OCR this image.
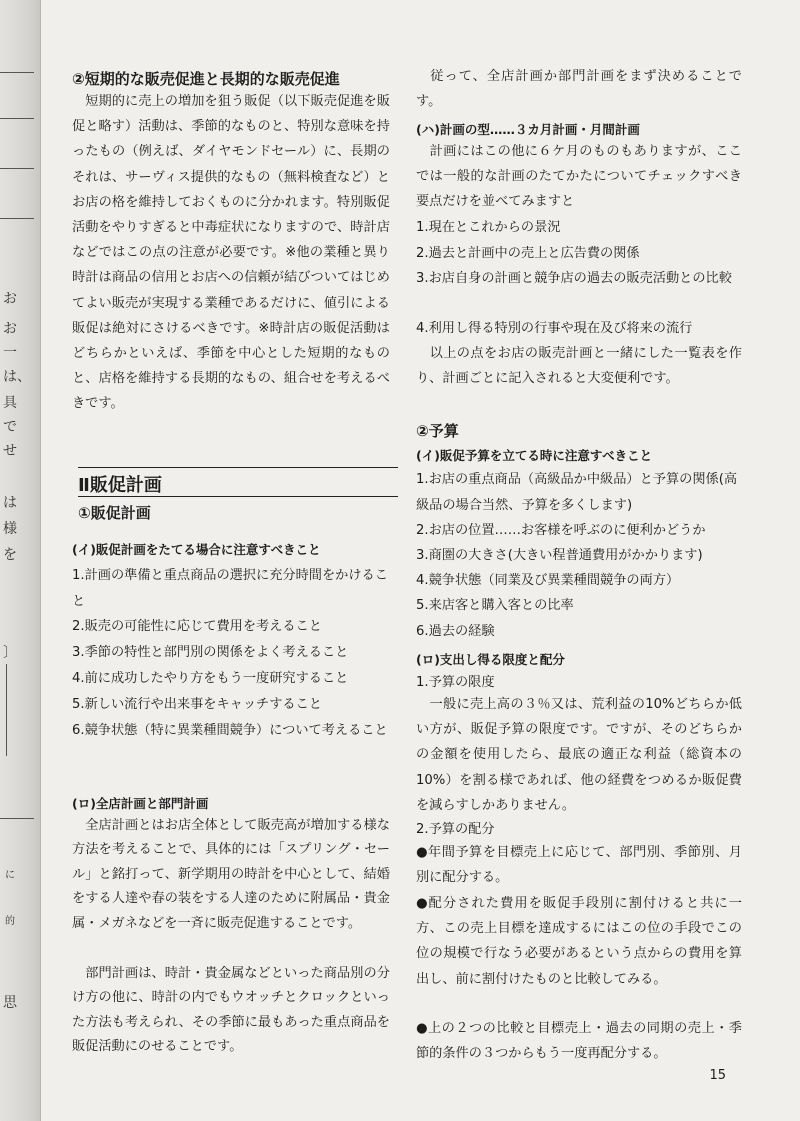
お
お
一
は、
具
で
せ
は
様
を
〕
に
的
思
②短期的な販売促進と長期的な販売促進
　短期的に売上の増加を狙う販促（以下販売促進を販促と略す）活動は、季節的なものと、特別な意味を持ったもの（例えば、ダイヤモンドセール）に、長期のそれは、サーヴィス提供的なもの（無料検査など）とお店の格を維持しておくものに分かれます。特別販促活動をやりすぎると中毒症状になりますので、時計店などではこの点の注意が必要です。※他の業種と異り時計は商品の信用とお店への信頼が結びついてはじめてよい販売が実現する業種であるだけに、値引による販促は絶対にさけるべきです。※時計店の販促活動はどちらかといえば、季節を中心とした短期的なものと、店格を維持する長期的なもの、組合せを考えるべきです。
Ⅱ販促計画
①販促計画
(イ)販促計画をたてる場合に注意すべきこと
1.計画の準備と重点商品の選択に充分時間をかけること
2.販売の可能性に応じて費用を考えること
3.季節の特性と部門別の関係をよく考えること
4.前に成功したやり方をもう一度研究すること
5.新しい流行や出来事をキャッチすること
6.競争状態（特に異業種間競争）について考えること
(ロ)全店計画と部門計画
　全店計画とはお店全体として販売高が増加する様な方法を考えることで、具体的には「スプリング・セール」と銘打って、新学期用の時計を中心として、結婚をする人達や春の装をする人達のために附属品・貴金属・メガネなどを一斉に販売促進することです。
　部門計画は、時計・貴金属などといった商品別の分け方の他に、時計の内でもウオッチとクロックといった方法も考えられ、その季節に最もあった重点商品を販促活動にのせることです。
　従って、全店計画か部門計画をまず決めることです。
(ハ)計画の型……３カ月計画・月間計画
　計画にはこの他に６ケ月のものもありますが、ここでは一般的な計画のたてかたについてチェックすべき要点だけを並べてみますと
1.現在とこれからの景況
2.過去と計画中の売上と広告費の関係
3.お店自身の計画と競争店の過去の販売活動との比較
4.利用し得る特別の行事や現在及び将来の流行
　以上の点をお店の販売計画と一緒にした一覧表を作り、計画ごとに記入されると大変便利です。
②予算
(イ)販促予算を立てる時に注意すべきこと
1.お店の重点商品（高級品か中級品）と予算の関係(高級品の場合当然、予算を多くします)
2.お店の位置……お客様を呼ぶのに便利かどうか
3.商圏の大きさ(大きい程普通費用がかかります)
4.競争状態（同業及び異業種間競争の両方）
5.来店客と購入客との比率
6.過去の経験
(ロ)支出し得る限度と配分
1.予算の限度
　一般に売上高の３％又は、荒利益の10%どちらか低い方が、販促予算の限度です。ですが、そのどちらかの金額を使用したら、最底の適正な利益（総資本の10%）を割る様であれば、他の経費をつめるか販促費を減らすしかありません。
2.予算の配分
●年間予算を目標売上に応じて、部門別、季節別、月別に配分する。
●配分された費用を販促手段別に割付けると共に一方、この売上目標を達成するにはこの位の手段でこの位の規模で行なう必要があるという点からの費用を算出し、前に割付けたものと比較してみる。
●上の２つの比較と目標売上・過去の同期の売上・季節的条件の３つからもう一度再配分する。
15
